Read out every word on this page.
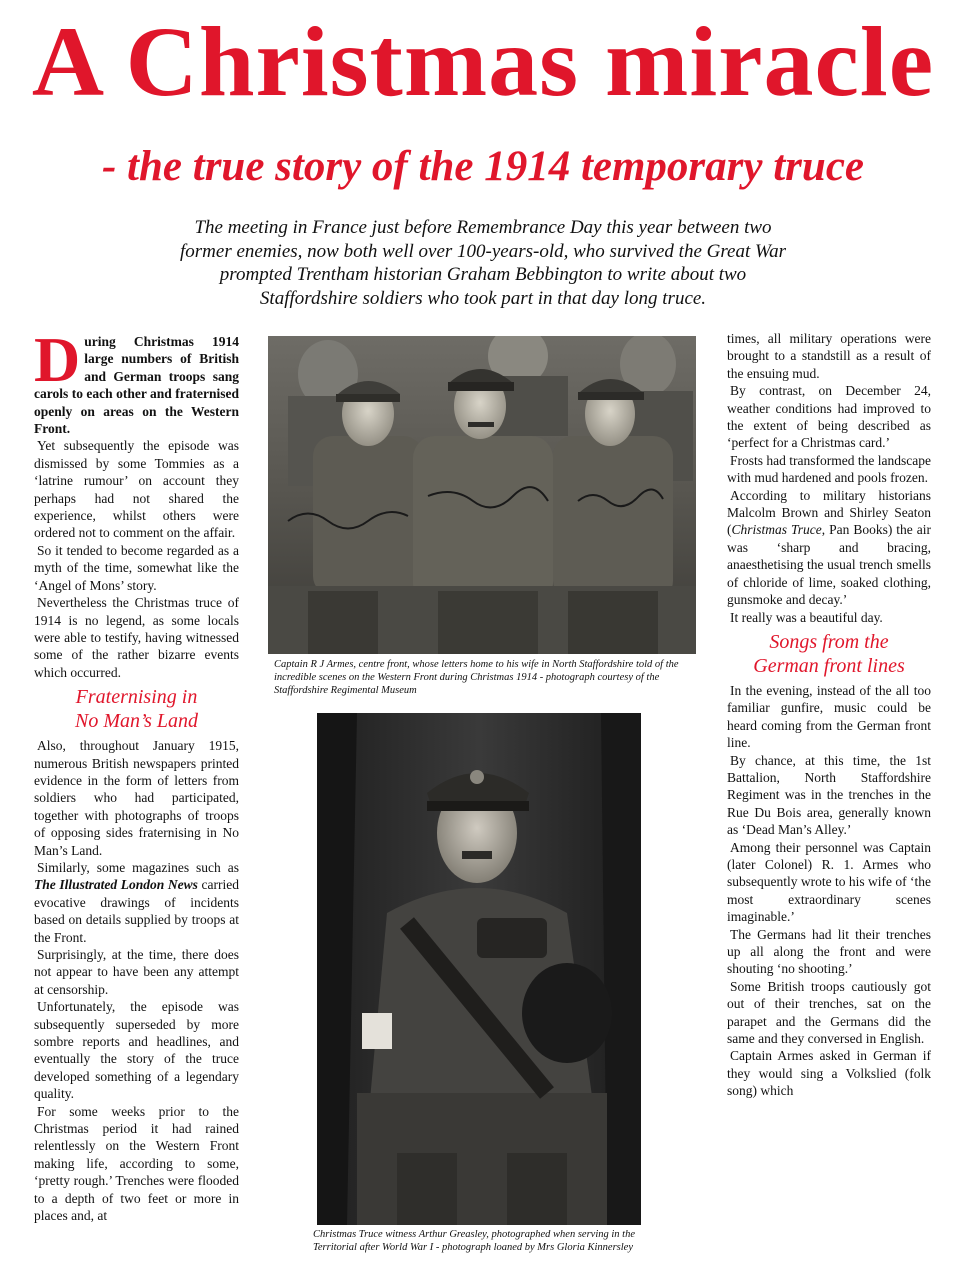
A Christmas miracle
- the true story of the 1914 temporary truce

The meeting in France just before Remembrance Day this year between two former enemies, now both well over 100-years-old, who survived the Great War prompted Trentham historian Graham Bebbington to write about two Staffordshire soldiers who took part in that day long truce.

During Christmas 1914 large numbers of British and German troops sang carols to each other and fraternised openly on areas on the Western Front.

Yet subsequently the episode was dismissed by some Tommies as a ‘latrine rumour’ on account they perhaps had not shared the experience, whilst others were ordered not to comment on the affair.

So it tended to become regarded as a myth of the time, somewhat like the ‘Angel of Mons’ story.

Nevertheless the Christmas truce of 1914 is no legend, as some locals were able to testify, having witnessed some of the rather bizarre events which occurred.

Fraternising in
No Man’s Land

Also, throughout January 1915, numerous British newspapers printed evidence in the form of letters from soldiers who had participated, together with photographs of troops of opposing sides fraternising in No Man’s Land.

Similarly, some magazines such as The Illustrated London News carried evocative drawings of incidents based on details supplied by troops at the Front.

Surprisingly, at the time, there does not appear to have been any attempt at censorship.

Unfortunately, the episode was subsequently superseded by more sombre reports and headlines, and eventually the story of the truce developed something of a legendary quality.

For some weeks prior to the Christmas period it had rained relentlessly on the Western Front making life, according to some, ‘pretty rough.’ Trenches were flooded to a depth of two feet or more in places and, at

Captain R J Armes, centre front, whose letters home to his wife in North Staffordshire told of the incredible scenes on the Western Front during Christmas 1914 - photograph courtesy of the Staffordshire Regimental Museum

Christmas Truce witness Arthur Greasley, photographed when serving in the Territorial after World War I - photograph loaned by Mrs Gloria Kinnersley

times, all military operations were brought to a standstill as a result of the ensuing mud.

By contrast, on December 24, weather conditions had improved to the extent of being described as ‘perfect for a Christmas card.’

Frosts had transformed the landscape with mud hardened and pools frozen.

According to military historians Malcolm Brown and Shirley Seaton (Christmas Truce, Pan Books) the air was ‘sharp and bracing, anaesthetising the usual trench smells of chloride of lime, soaked clothing, gunsmoke and decay.’

It really was a beautiful day.

Songs from the
German front lines

In the evening, instead of the all too familiar gunfire, music could be heard coming from the German front line.

By chance, at this time, the 1st Battalion, North Staffordshire Regiment was in the trenches in the Rue Du Bois area, generally known as ‘Dead Man’s Alley.’

Among their personnel was Captain (later Colonel) R. 1. Armes who subsequently wrote to his wife of ‘the most extraordinary scenes imaginable.’

The Germans had lit their trenches up all along the front and were shouting ‘no shooting.’

Some British troops cautiously got out of their trenches, sat on the parapet and the Germans did the same and they conversed in English.

Captain Armes asked in German if they would sing a Volkslied (folk song) which
